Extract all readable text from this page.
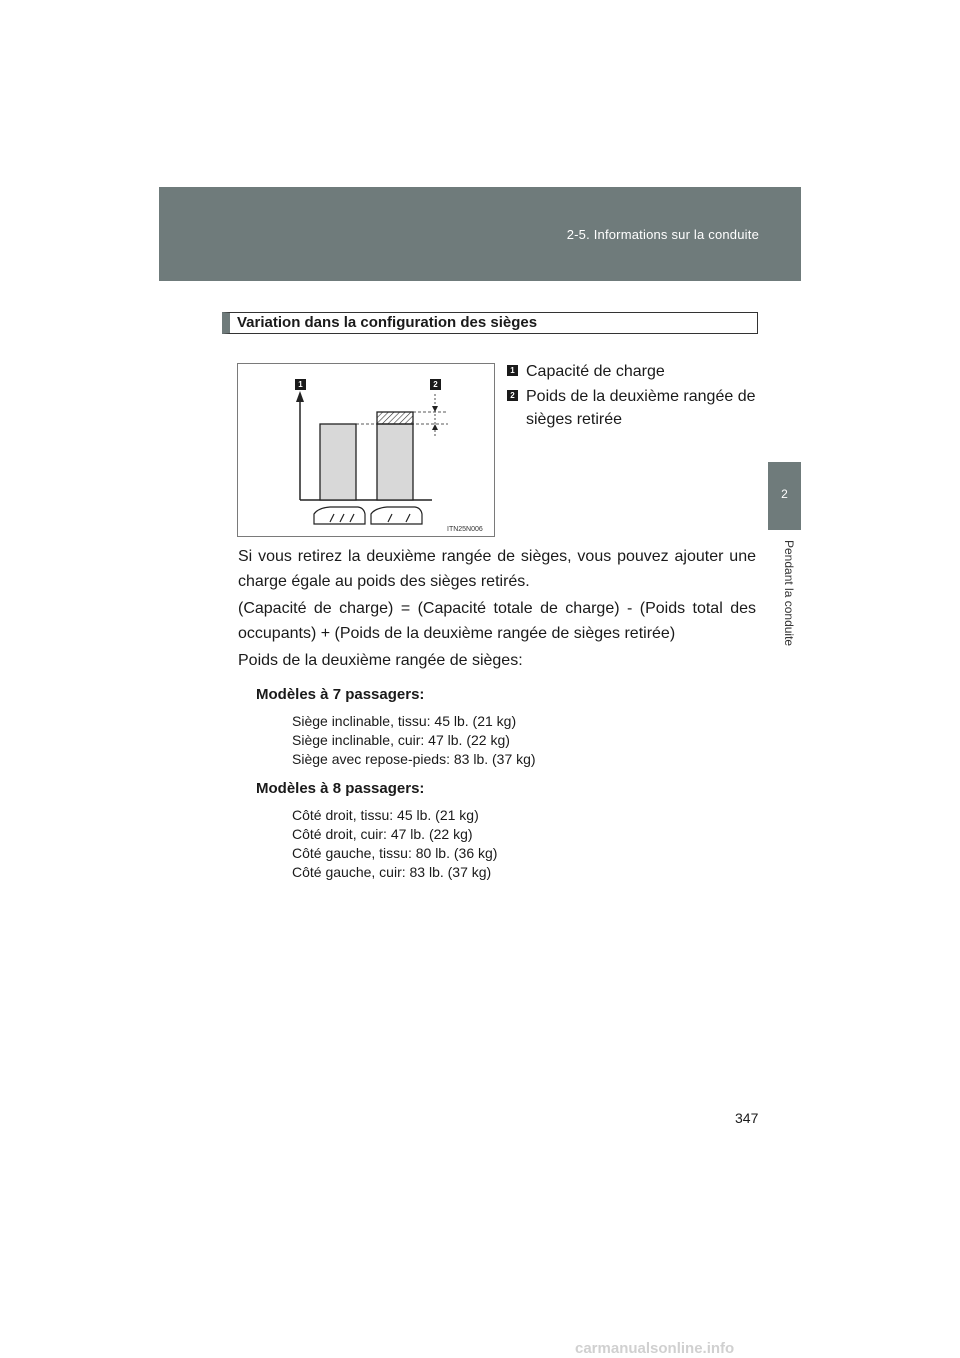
2-5. Informations sur la conduite
2
Pendant la conduite
Variation dans la configuration des sièges
1	2
ITN25N006
1 Capacité de charge
2 Poids de la deuxième rangée de sièges retirée
Si vous retirez la deuxième rangée de sièges, vous pouvez ajouter une charge égale au poids des sièges retirés.
(Capacité de charge) = (Capacité totale de charge) - (Poids total des occupants) + (Poids de la deuxième rangée de sièges retirée)
Poids de la deuxième rangée de sièges:
Modèles à 7 passagers:
Siège inclinable, tissu: 45 lb. (21 kg)
Siège inclinable, cuir: 47 lb. (22 kg)
Siège avec repose-pieds: 83 lb. (37 kg)
Modèles à 8 passagers:
Côté droit, tissu: 45 lb. (21 kg)
Côté droit, cuir: 47 lb. (22 kg)
Côté gauche, tissu: 80 lb. (36 kg)
Côté gauche, cuir: 83 lb. (37 kg)
347
carmanualsonline.info
